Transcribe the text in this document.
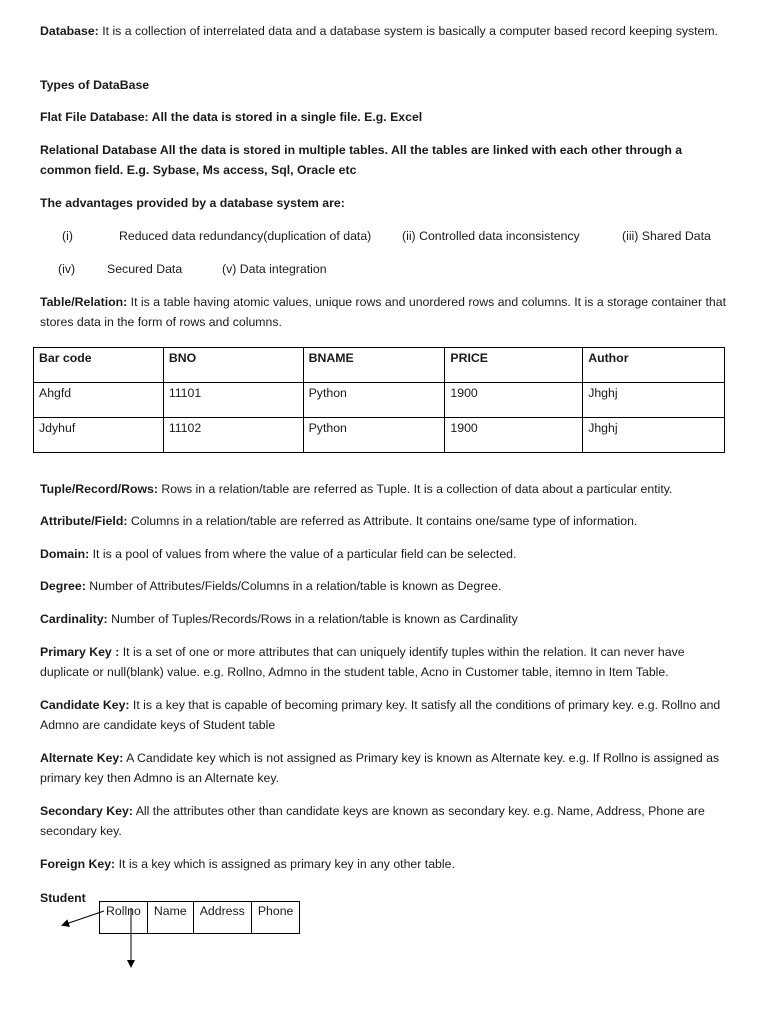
Database: It is a collection of interrelated data and a database system is basically a computer based record keeping system.

Types of DataBase

Flat File Database: All the data is stored in a single file. E.g. Excel

Relational Database All the data is stored in multiple tables. All the tables are linked with each other through a common field. E.g. Sybase, Ms access, Sql, Oracle etc

The advantages provided by a database system are:

(i)	Reduced data redundancy(duplication of data) (ii) Controlled data inconsistency	(iii) Shared Data
(iv)	Secured Data	(v) Data integration

Table/Relation: It is a table having atomic values, unique rows and unordered rows and columns. It is a storage container that stores data in the form of rows and columns.

Bar code	BNO	BNAME	PRICE	Author
Ahgfd	11101	Python	1900	Jhghj
Jdyhuf	11102	Python	1900	Jhghj

Tuple/Record/Rows: Rows in a relation/table are referred as Tuple. It is a collection of data about a particular entity.

Attribute/Field: Columns in a relation/table are referred as Attribute. It contains one/same type of information.

Domain: It is a pool of values from where the value of a particular field can be selected.

Degree: Number of Attributes/Fields/Columns in a relation/table is known as Degree.

Cardinality: Number of Tuples/Records/Rows in a relation/table is known as Cardinality

Primary Key : It is a set of one or more attributes that can uniquely identify tuples within the relation. It can never have duplicate or null(blank) value. e.g. Rollno, Admno in the student table, Acno in Customer table, itemno in Item Table.

Candidate Key: It is a key that is capable of becoming primary key. It satisfy all the conditions of primary key. e.g. Rollno and Admno are candidate keys of Student table

Alternate Key: A Candidate key which is not assigned as Primary key is known as Alternate key. e.g. If Rollno is assigned as primary key then Admno is an Alternate key.

Secondary Key: All the attributes other than candidate keys are known as secondary key. e.g. Name, Address, Phone are secondary key.

Foreign Key: It is a key which is assigned as primary key in any other table.

Student
Rollno	Name	Address	Phone
